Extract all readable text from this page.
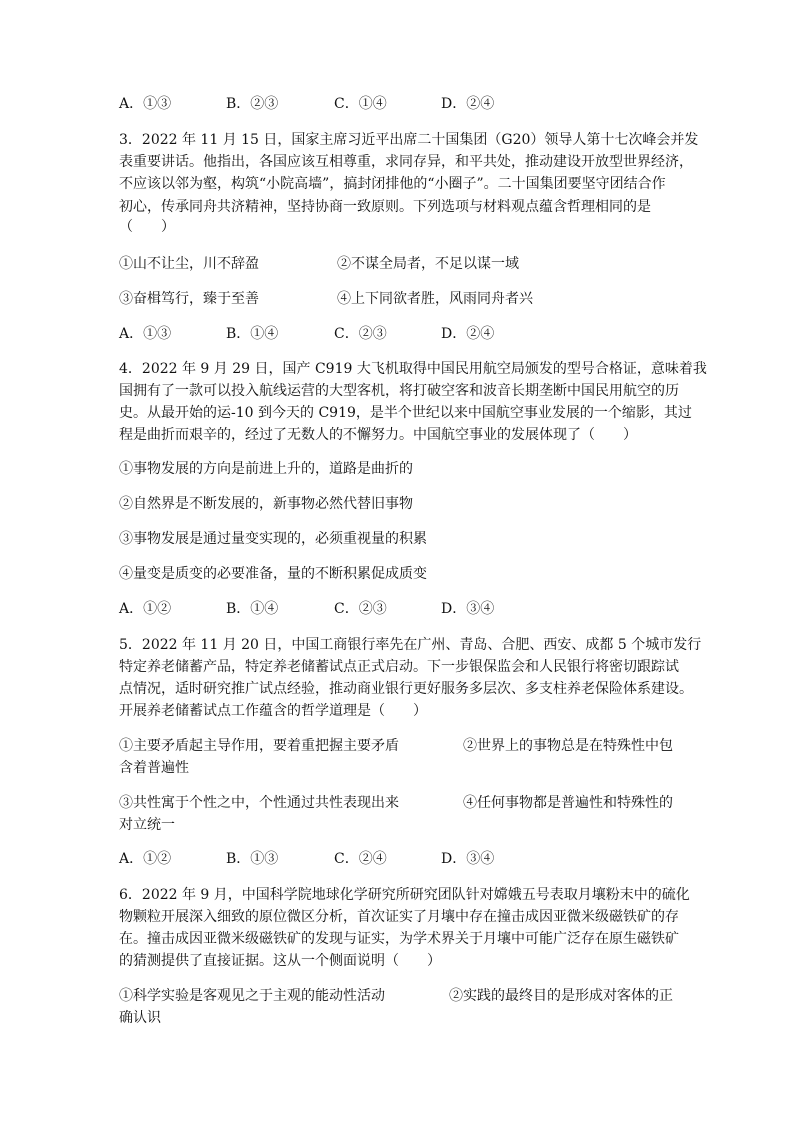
A．①③	B．②③	C．①④	D．②④
3．2022 年 11 月 15 日，国家主席习近平出席二十国集团（G20）领导人第十七次峰会并发
表重要讲话。他指出，各国应该互相尊重，求同存异，和平共处，推动建设开放型世界经济，
不应该以邻为壑，构筑“小院高墙”，搞封闭排他的“小圈子”。二十国集团要坚守团结合作
初心，传承同舟共济精神，坚持协商一致原则。下列选项与材料观点蕴含哲理相同的是
（　　）
①山不让尘，川不辞盈	②不谋全局者，不足以谋一域
③奋楫笃行，臻于至善	④上下同欲者胜，风雨同舟者兴
A．①③	B．①④	C．②③	D．②④
4．2022 年 9 月 29 日，国产 C919 大飞机取得中国民用航空局颁发的型号合格证，意味着我
国拥有了一款可以投入航线运营的大型客机，将打破空客和波音长期垄断中国民用航空的历
史。从最开始的运-10 到今天的 C919，是半个世纪以来中国航空事业发展的一个缩影，其过
程是曲折而艰辛的，经过了无数人的不懈努力。中国航空事业的发展体现了（　　）
①事物发展的方向是前进上升的，道路是曲折的
②自然界是不断发展的，新事物必然代替旧事物
③事物发展是通过量变实现的，必须重视量的积累
④量变是质变的必要准备，量的不断积累促成质变
A．①②	B．①④	C．②③	D．③④
5．2022 年 11 月 20 日，中国工商银行率先在广州、青岛、合肥、西安、成都 5 个城市发行
特定养老储蓄产品，特定养老储蓄试点正式启动。下一步银保监会和人民银行将密切跟踪试
点情况，适时研究推广试点经验，推动商业银行更好服务多层次、多支柱养老保险体系建设。
开展养老储蓄试点工作蕴含的哲学道理是（　　）
①主要矛盾起主导作用，要着重把握主要矛盾	②世界上的事物总是在特殊性中包
含着普遍性
③共性寓于个性之中，个性通过共性表现出来	④任何事物都是普遍性和特殊性的
对立统一
A．①②	B．①③	C．②④	D．③④
6．2022 年 9 月，中国科学院地球化学研究所研究团队针对嫦娥五号表取月壤粉末中的硫化
物颗粒开展深入细致的原位微区分析，首次证实了月壤中存在撞击成因亚微米级磁铁矿的存
在。撞击成因亚微米级磁铁矿的发现与证实，为学术界关于月壤中可能广泛存在原生磁铁矿
的猜测提供了直接证据。这从一个侧面说明（　　）
①科学实验是客观见之于主观的能动性活动	②实践的最终目的是形成对客体的正
确认识
